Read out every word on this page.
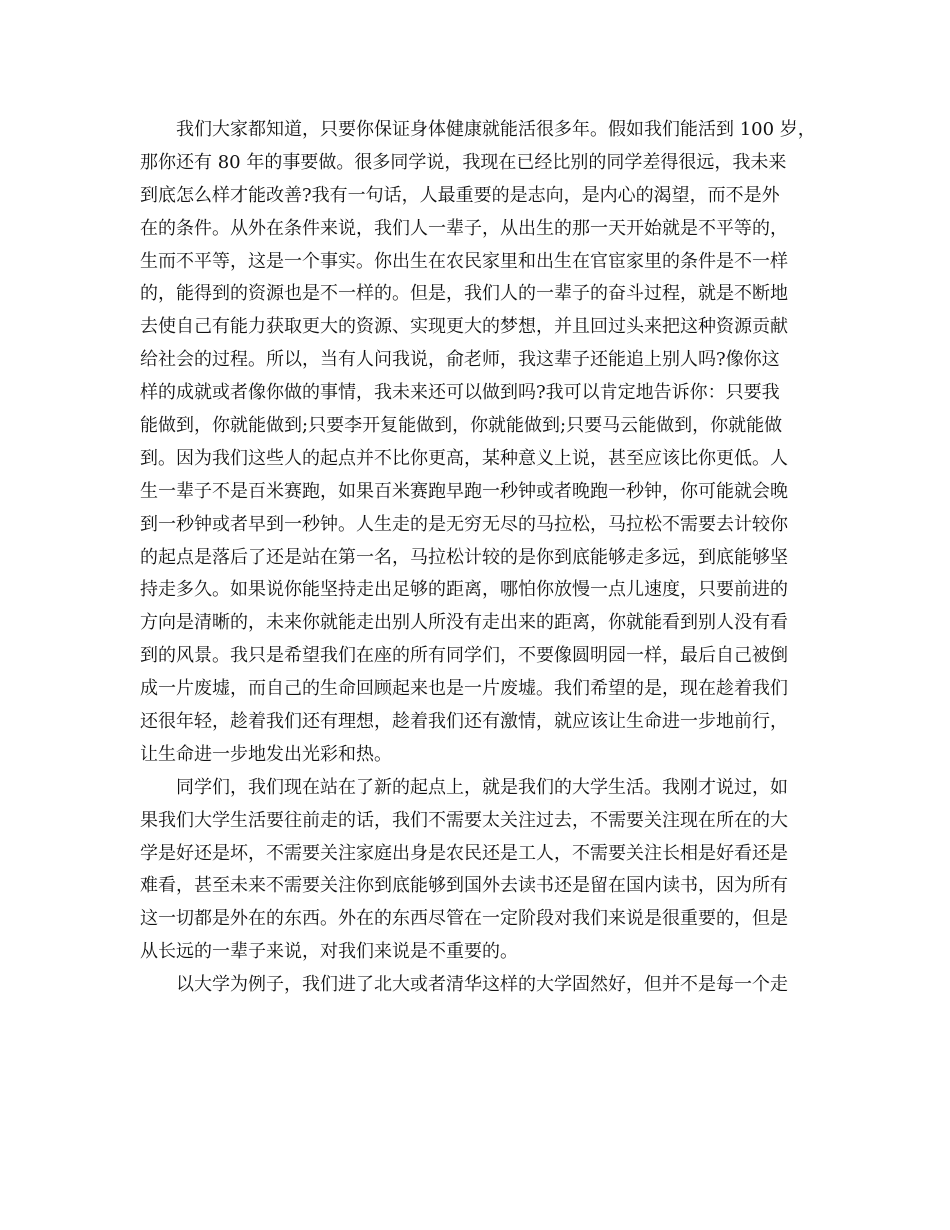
我们大家都知道，只要你保证身体健康就能活很多年。假如我们能活到 100 岁，
那你还有 80 年的事要做。很多同学说，我现在已经比别的同学差得很远，我未来
到底怎么样才能改善?我有一句话，人最重要的是志向，是内心的渴望，而不是外
在的条件。从外在条件来说，我们人一辈子，从出生的那一天开始就是不平等的，
生而不平等，这是一个事实。你出生在农民家里和出生在官宦家里的条件是不一样
的，能得到的资源也是不一样的。但是，我们人的一辈子的奋斗过程，就是不断地
去使自己有能力获取更大的资源、实现更大的梦想，并且回过头来把这种资源贡献
给社会的过程。所以，当有人问我说，俞老师，我这辈子还能追上别人吗?像你这
样的成就或者像你做的事情，我未来还可以做到吗?我可以肯定地告诉你：只要我
能做到，你就能做到;只要李开复能做到，你就能做到;只要马云能做到，你就能做
到。因为我们这些人的起点并不比你更高，某种意义上说，甚至应该比你更低。人
生一辈子不是百米赛跑，如果百米赛跑早跑一秒钟或者晚跑一秒钟，你可能就会晚
到一秒钟或者早到一秒钟。人生走的是无穷无尽的马拉松，马拉松不需要去计较你
的起点是落后了还是站在第一名，马拉松计较的是你到底能够走多远，到底能够坚
持走多久。如果说你能坚持走出足够的距离，哪怕你放慢一点儿速度，只要前进的
方向是清晰的，未来你就能走出别人所没有走出来的距离，你就能看到别人没有看
到的风景。我只是希望我们在座的所有同学们，不要像圆明园一样，最后自己被倒
成一片废墟，而自己的生命回顾起来也是一片废墟。我们希望的是，现在趁着我们
还很年轻，趁着我们还有理想，趁着我们还有激情，就应该让生命进一步地前行，
让生命进一步地发出光彩和热。
同学们，我们现在站在了新的起点上，就是我们的大学生活。我刚才说过，如
果我们大学生活要往前走的话，我们不需要太关注过去，不需要关注现在所在的大
学是好还是坏，不需要关注家庭出身是农民还是工人，不需要关注长相是好看还是
难看，甚至未来不需要关注你到底能够到国外去读书还是留在国内读书，因为所有
这一切都是外在的东西。外在的东西尽管在一定阶段对我们来说是很重要的，但是
从长远的一辈子来说，对我们来说是不重要的。
以大学为例子，我们进了北大或者清华这样的大学固然好，但并不是每一个走
